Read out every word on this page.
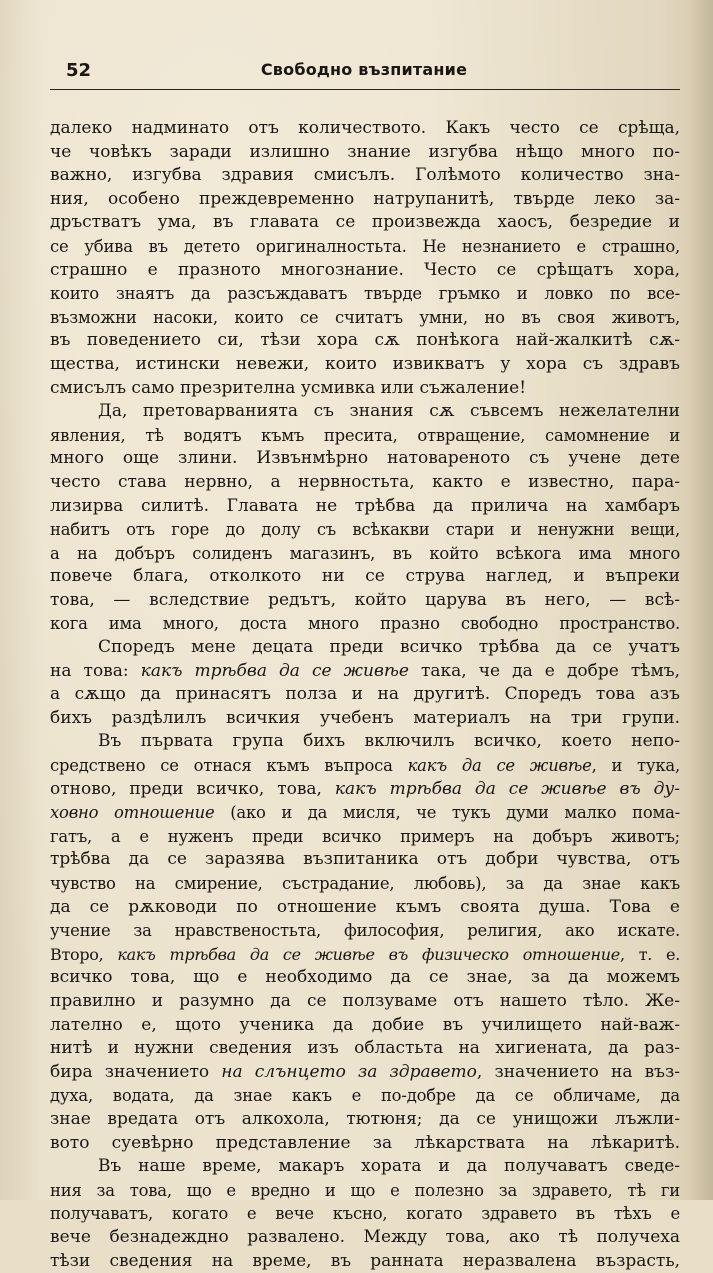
52	Свободно възпитание
далеко надминато отъ количеството. Какъ често се срѣща,
че човѣкъ заради излишно знание изгубва нѣщо много по-
важно, изгубва здравия смисълъ. Голѣмото количество зна-
ния, особено преждевременно натрупанитѣ, твърде леко за-
дръстватъ ума, въ главата се произвежда хаосъ, безредие и
се убива въ детето оригиналностьта. Не незнанието е страшно,
страшно е празното многознание. Често се срѣщатъ хора,
които знаятъ да разсъждаватъ твърде гръмко и ловко по все-
възможни насоки, които се считатъ умни, но въ своя животъ,
въ поведението си, тѣзи хора сѫ понѣкога най-жалкитѣ сѫ-
щества, истински невежи, които извикватъ у хора съ здравъ
смисълъ само презрителна усмивка или съжаление!
Да, претоварванията съ знания сѫ съвсемъ нежелателни
явления, тѣ водятъ къмъ пресита, отвращение, самомнение и
много още злини. Извънмѣрно натовареното съ учене дете
често става нервно, а нервностьта, както е известно, пара-
лизирва силитѣ. Главата не трѣбва да прилича на хамбаръ
набитъ отъ горе до долу съ всѣкакви стари и ненужни вещи,
а на добъръ солиденъ магазинъ, въ който всѣкога има много
повече блага, отколкото ни се струва наглед, и въпреки
това, — вследствие редътъ, който царува въ него, — всѣ-
кога има много, доста много празно свободно пространство.
Споредъ мене децата преди всичко трѣбва да се учатъ
на това: какъ трѣбва да се живѣе така, че да е добре тѣмъ,
а сѫщо да принасятъ полза и на другитѣ. Споредъ това азъ
бихъ раздѣлилъ всичкия учебенъ материалъ на три групи.
Въ първата група бихъ включилъ всичко, което непо-
средствено се отнася къмъ въпроса какъ да се живѣе, и тука,
отново, преди всичко, това, какъ трѣбва да се живѣе въ ду-
ховно отношение (ако и да мисля, че тукъ думи малко пома-
гатъ, а е нуженъ преди всичко примеръ на добъръ животъ;
трѣбва да се заразява възпитаника отъ добри чувства, отъ
чувство на смирение, състрадание, любовь), за да знае какъ
да се рѫководи по отношение къмъ своята душа. Това е
учение за нравственостьта, философия, религия, ако искате.
Второ, какъ трѣбва да се живѣе въ физическо отношение, т. е.
всичко това, що е необходимо да се знае, за да можемъ
правилно и разумно да се ползуваме отъ нашето тѣло. Же-
лателно е, щото ученика да добие въ училището най-важ-
нитѣ и нужни сведения изъ областьта на хигиената, да раз-
бира значението на слънцето за здравето, значението на въз-
духа, водата, да знае какъ е по-добре да се обличаме, да
знае вредата отъ алкохола, тютюня; да се унищожи лъжли-
вото суевѣрно представление за лѣкарствата на лѣкаритѣ.
Въ наше време, макаръ хората и да получаватъ сведе-
ния за това, що е вредно и що е полезно за здравето, тѣ ги
получаватъ, когато е вече късно, когато здравето въ тѣхъ е
вече безнадеждно развалено. Между това, ако тѣ получеха
тѣзи сведения на време, въ ранната неразвалена възрасть,
